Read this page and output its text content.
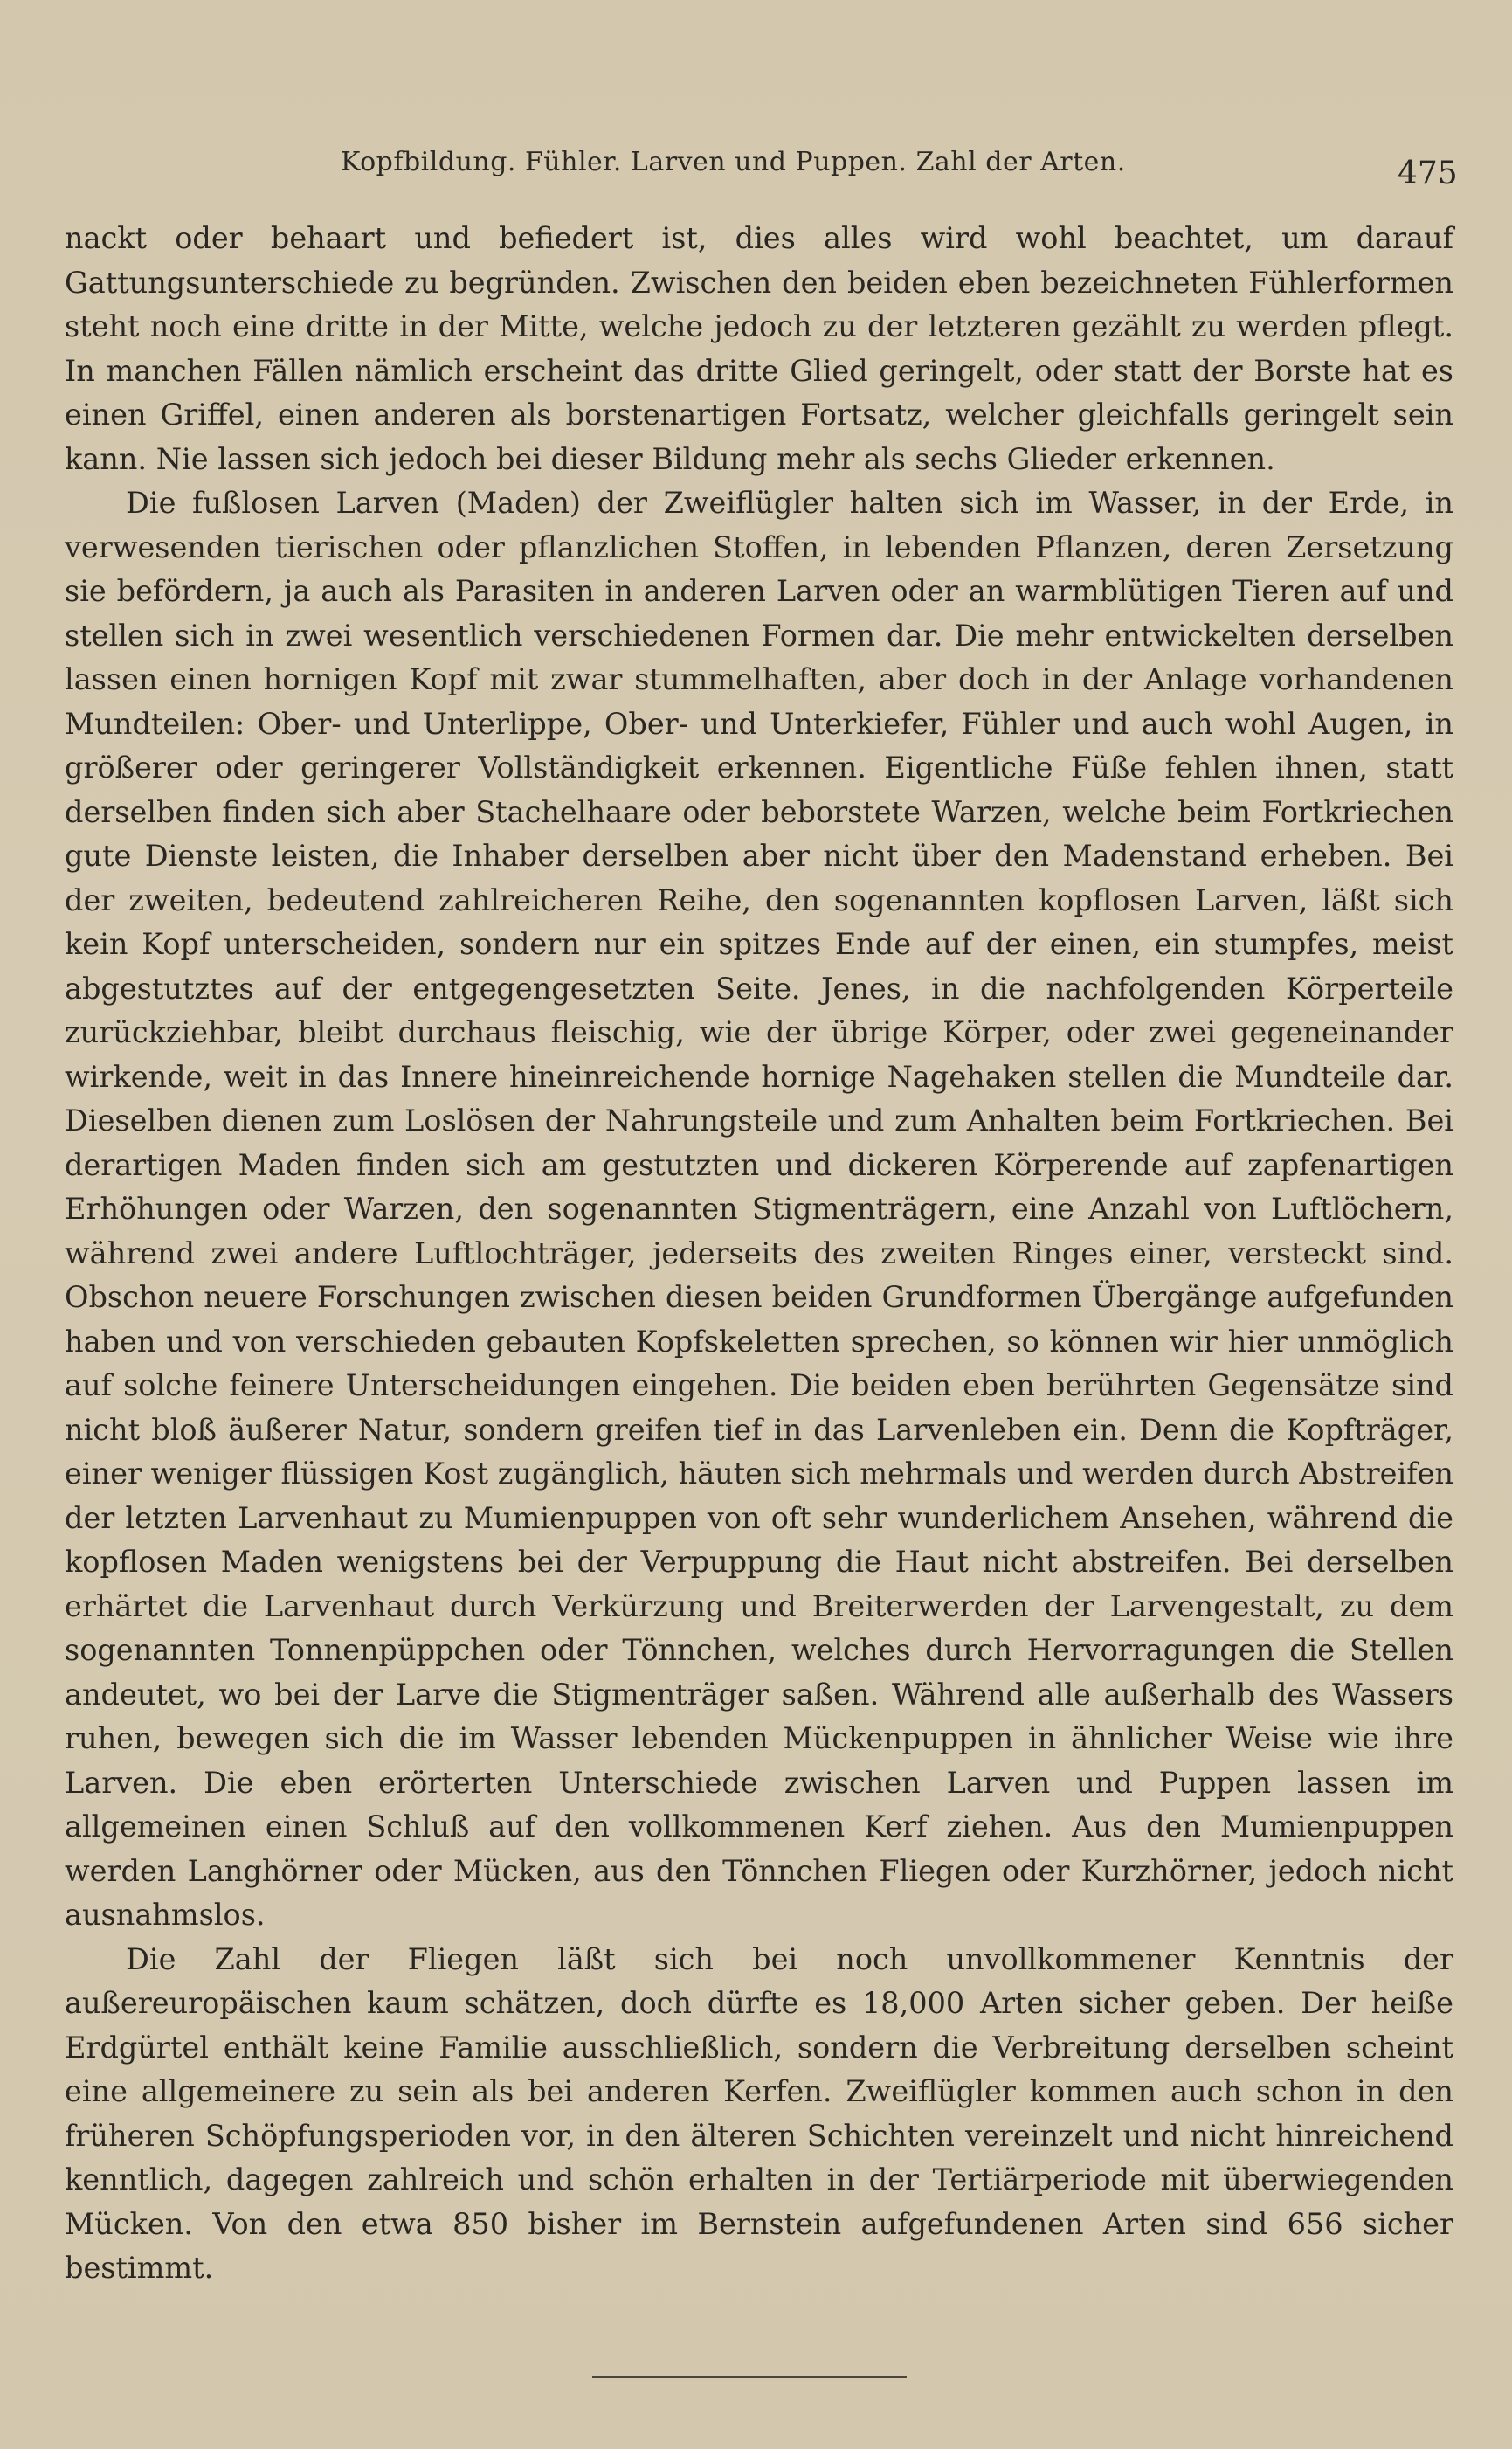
Kopfbildung. Fühler. Larven und Puppen. Zahl der Arten.	475

nackt oder behaart und befiedert ist, dies alles wird wohl beachtet, um darauf Gattungsunterschiede zu begründen. Zwischen den beiden eben bezeichneten Fühlerformen steht noch eine dritte in der Mitte, welche jedoch zu der letzteren gezählt zu werden pflegt. In manchen Fällen nämlich erscheint das dritte Glied geringelt, oder statt der Borste hat es einen Griffel, einen anderen als borstenartigen Fortsatz, welcher gleichfalls geringelt sein kann. Nie lassen sich jedoch bei dieser Bildung mehr als sechs Glieder erkennen.

Die fußlosen Larven (Maden) der Zweiflügler halten sich im Wasser, in der Erde, in verwesenden tierischen oder pflanzlichen Stoffen, in lebenden Pflanzen, deren Zersetzung sie befördern, ja auch als Parasiten in anderen Larven oder an warmblütigen Tieren auf und stellen sich in zwei wesentlich verschiedenen Formen dar. Die mehr entwickelten derselben lassen einen hornigen Kopf mit zwar stummelhaften, aber doch in der Anlage vorhandenen Mundteilen: Ober- und Unterlippe, Ober- und Unterkiefer, Fühler und auch wohl Augen, in größerer oder geringerer Vollständigkeit erkennen. Eigentliche Füße fehlen ihnen, statt derselben finden sich aber Stachelhaare oder beborstete Warzen, welche beim Fortkriechen gute Dienste leisten, die Inhaber derselben aber nicht über den Madenstand erheben. Bei der zweiten, bedeutend zahlreicheren Reihe, den sogenannten kopflosen Larven, läßt sich kein Kopf unterscheiden, sondern nur ein spitzes Ende auf der einen, ein stumpfes, meist abgestutztes auf der entgegengesetzten Seite. Jenes, in die nachfolgenden Körperteile zurückziehbar, bleibt durchaus fleischig, wie der übrige Körper, oder zwei gegeneinander wirkende, weit in das Innere hineinreichende hornige Nagehaken stellen die Mundteile dar. Dieselben dienen zum Loslösen der Nahrungsteile und zum Anhalten beim Fortkriechen. Bei derartigen Maden finden sich am gestutzten und dickeren Körperende auf zapfenartigen Erhöhungen oder Warzen, den sogenannten Stigmenträgern, eine Anzahl von Luftlöchern, während zwei andere Luftlochträger, jederseits des zweiten Ringes einer, versteckt sind. Obschon neuere Forschungen zwischen diesen beiden Grundformen Übergänge aufgefunden haben und von verschieden gebauten Kopfskeletten sprechen, so können wir hier unmöglich auf solche feinere Unterscheidungen eingehen. Die beiden eben berührten Gegensätze sind nicht bloß äußerer Natur, sondern greifen tief in das Larvenleben ein. Denn die Kopfträger, einer weniger flüssigen Kost zugänglich, häuten sich mehrmals und werden durch Abstreifen der letzten Larvenhaut zu Mumienpuppen von oft sehr wunderlichem Ansehen, während die kopflosen Maden wenigstens bei der Verpuppung die Haut nicht abstreifen. Bei derselben erhärtet die Larvenhaut durch Verkürzung und Breiterwerden der Larvengestalt, zu dem sogenannten Tonnenpüppchen oder Tönnchen, welches durch Hervorragungen die Stellen andeutet, wo bei der Larve die Stigmenträger saßen. Während alle außerhalb des Wassers ruhen, bewegen sich die im Wasser lebenden Mückenpuppen in ähnlicher Weise wie ihre Larven. Die eben erörterten Unterschiede zwischen Larven und Puppen lassen im allgemeinen einen Schluß auf den vollkommenen Kerf ziehen. Aus den Mumienpuppen werden Langhörner oder Mücken, aus den Tönnchen Fliegen oder Kurzhörner, jedoch nicht ausnahmslos.

Die Zahl der Fliegen läßt sich bei noch unvollkommener Kenntnis der außereuropäischen kaum schätzen, doch dürfte es 18,000 Arten sicher geben. Der heiße Erdgürtel enthält keine Familie ausschließlich, sondern die Verbreitung derselben scheint eine allgemeinere zu sein als bei anderen Kerfen. Zweiflügler kommen auch schon in den früheren Schöpfungsperioden vor, in den älteren Schichten vereinzelt und nicht hinreichend kenntlich, dagegen zahlreich und schön erhalten in der Tertiärperiode mit überwiegenden Mücken. Von den etwa 850 bisher im Bernstein aufgefundenen Arten sind 656 sicher bestimmt.
